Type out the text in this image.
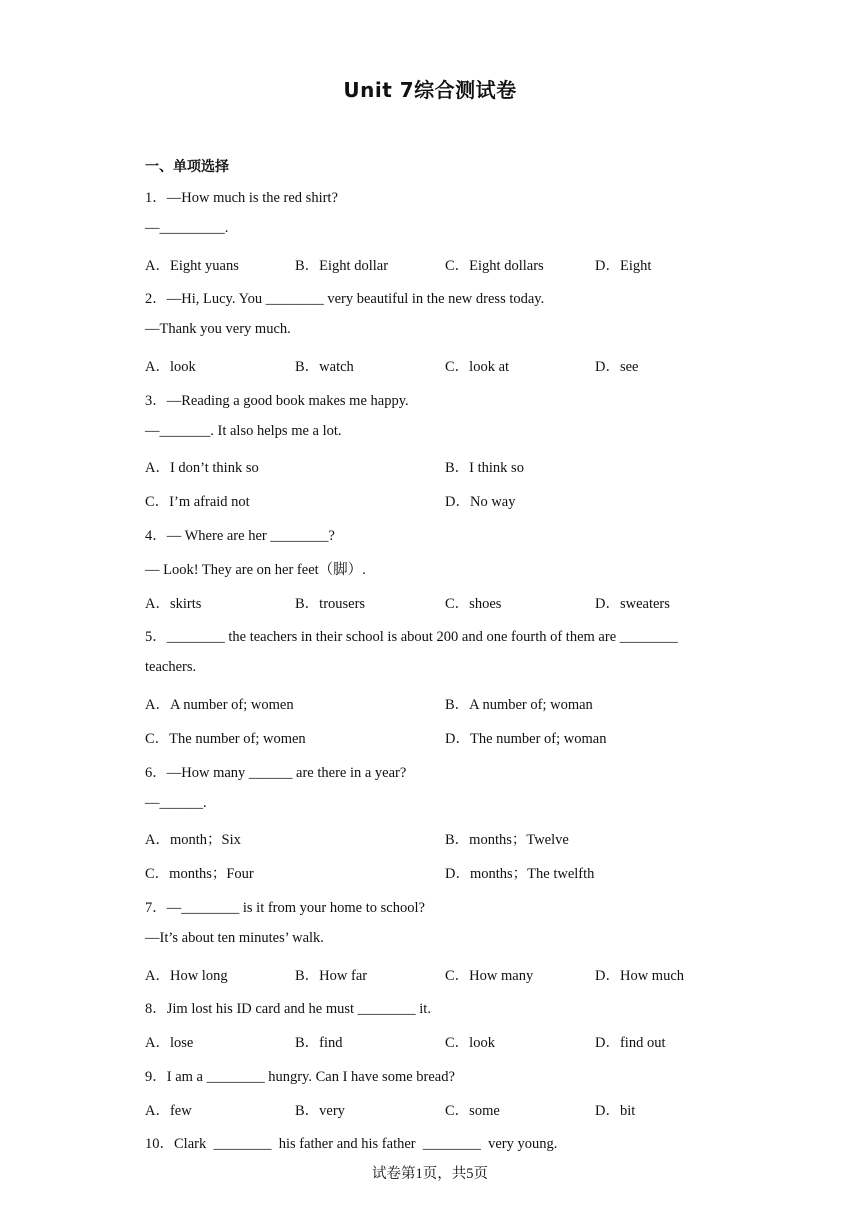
Unit 7综合测试卷
一、单项选择
1．—How much is the red shirt?
—_________.
A．Eight yuans	B．Eight dollar	C．Eight dollars	D．Eight
2．—Hi, Lucy. You ________ very beautiful in the new dress today.
—Thank you very much.
A．look	B．watch	C．look at	D．see
3．—Reading a good book makes me happy.
—_______. It also helps me a lot.
A．I don’t think so	B．I think so
C．I’m afraid not	D．No way
4．— Where are her ________?
— Look! They are on her feet（脚）.
A．skirts	B．trousers	C．shoes	D．sweaters
5．________ the teachers in their school is about 200 and one fourth of them are ________
teachers.
A．A number of; women	B．A number of; woman
C．The number of; women	D．The number of; woman
6．—How many ______ are there in a year?
—______.
A．month；Six	B．months；Twelve
C．months；Four	D．months；The twelfth
7．—________ is it from your home to school?
—It’s about ten minutes’ walk.
A．How long	B．How far	C．How many	D．How much
8．Jim lost his ID card and he must ________ it.
A．lose	B．find	C．look	D．find out
9．I am a ________ hungry. Can I have some bread?
A．few	B．very	C．some	D．bit
10．Clark  ________  his father and his father  ________  very young.
试卷第1页，共5页
